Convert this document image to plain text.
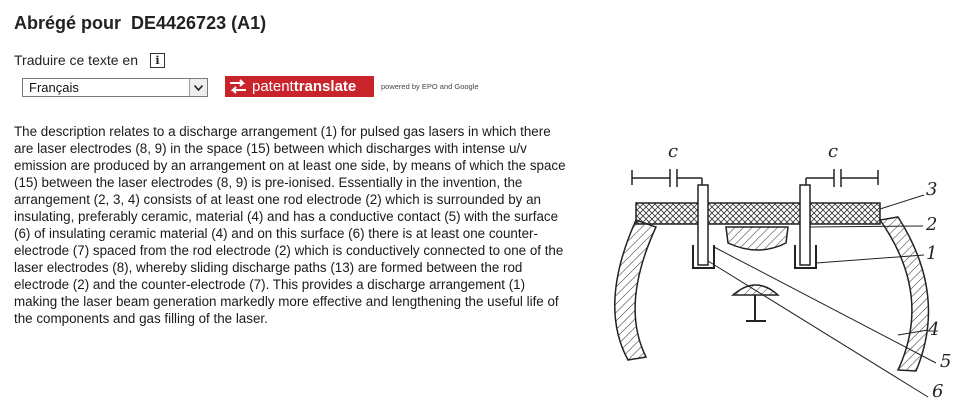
Abrégé pour  DE4426723 (A1)
Traduire ce texte en	i
Français	patenttranslate	powered by EPO and Google

The description relates to a discharge arrangement (1) for pulsed gas lasers in which there are laser electrodes (8, 9) in the space (15) between which discharges with intense u/v emission are produced by an arrangement on at least one side, by means of which the space (15) between the laser electrodes (8, 9) is pre-ionised. Essentially in the invention, the arrangement (2, 3, 4) consists of at least one rod electrode (2) which is surrounded by an insulating, preferably ceramic, material (4) and has a conductive contact (5) with the surface (6) of insulating ceramic material (4) and on this surface (6) there is at least one counter-electrode (7) spaced from the rod electrode (2) which is conductively connected to one of the laser electrodes (8), whereby sliding discharge paths (13) are formed between the rod electrode (2) and the counter-electrode (7). This provides a discharge arrangement (1) making the laser beam generation markedly more effective and lengthening the useful life of the components and gas filling of the laser.

c	c
3
2
1
4
5
6
